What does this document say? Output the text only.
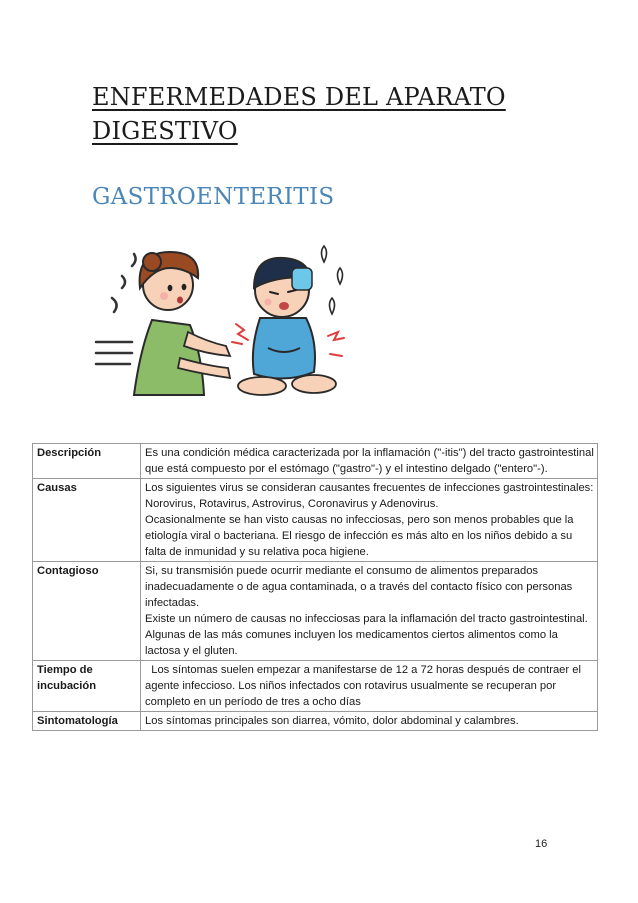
ENFERMEDADES DEL APARATO
DIGESTIVO
GASTROENTERITIS
Descripción	Es una condición médica caracterizada por la inflamación ("-itis") del tracto gastrointestinal que está compuesto por el estómago ("gastro"-) y el intestino delgado ("entero"-).

Causas	Los siguientes virus se consideran causantes frecuentes de infecciones gastrointestinales: Norovirus, Rotavirus, Astrovirus, Coronavirus y Adenovirus.

Ocasionalmente se han visto causas no infecciosas, pero son menos probables que la etiología viral o bacteriana. El riesgo de infección es más alto en los niños debido a su falta de inmunidad y su relativa poca higiene.

Contagioso	Si, su transmisión puede ocurrir mediante el consumo de alimentos preparados inadecuadamente o de agua contaminada, o a través del contacto físico con personas infectadas.

Existe un número de causas no infecciosas para la inflamación del tracto gastrointestinal. Algunas de las más comunes incluyen los medicamentos ciertos alimentos como la lactosa y el gluten.

Tiempo de incubación	Los síntomas suelen empezar a manifestarse de 12 a 72 horas después de contraer el agente infeccioso. Los niños infectados con rotavirus usualmente se recuperan por completo en un período de tres a ocho días

Sintomatología	Los síntomas principales son diarrea, vómito, dolor abdominal y calambres.

16
